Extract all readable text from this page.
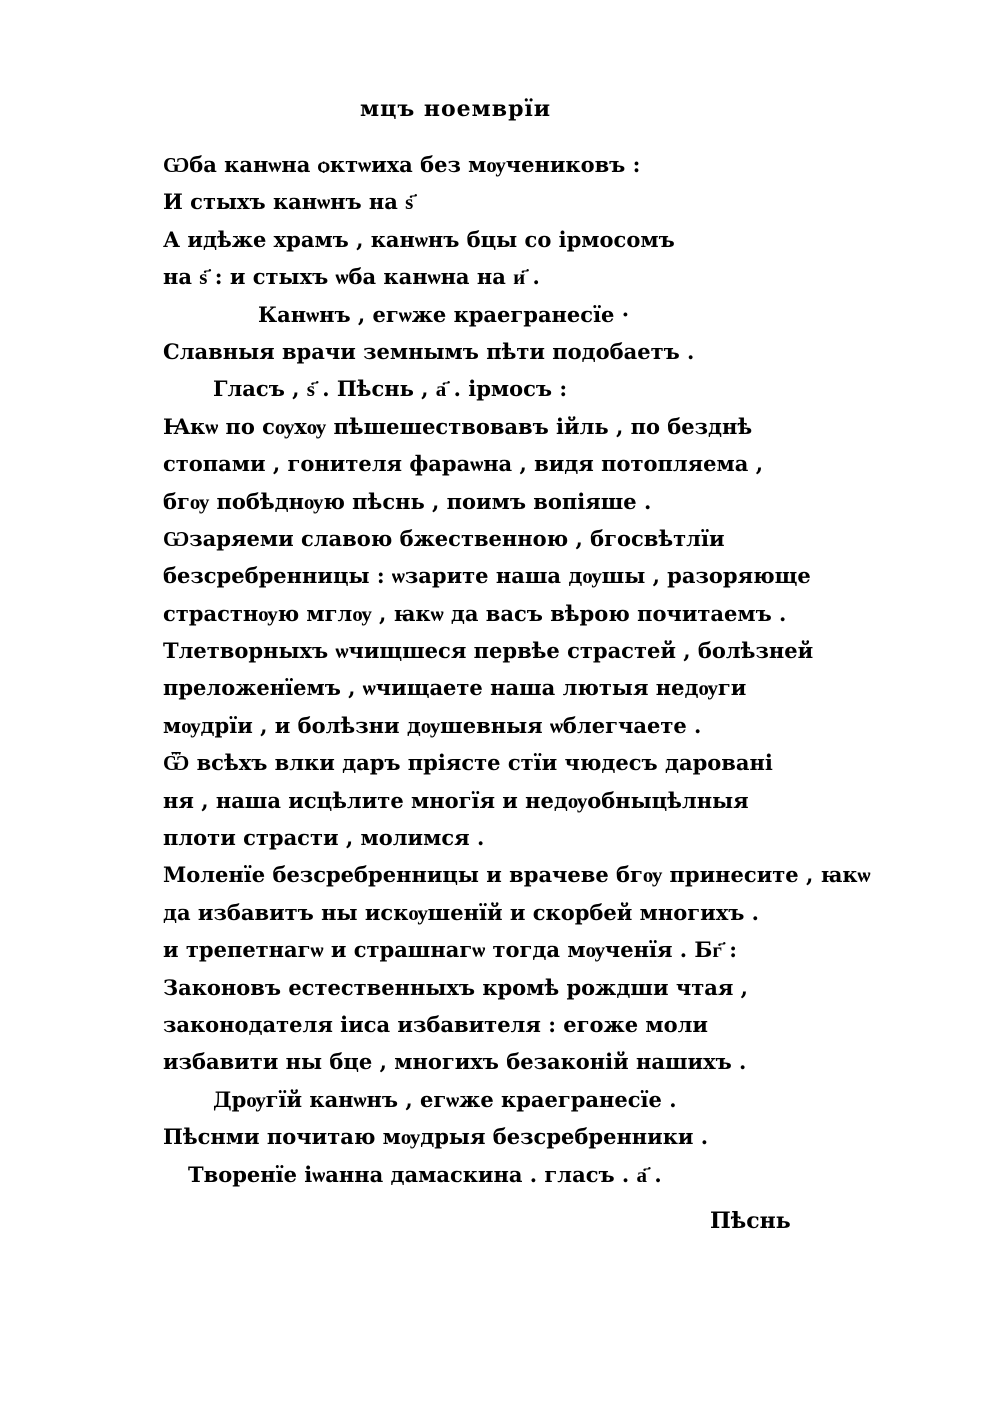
мцъ ноемврїи
Ѡба канѡна ѻктѡиха без мѹчениковъ :
И стыхъ канѡнъ на ѕ҃
А идѣже храмъ , канѡнъ бцы со ірмосомъ
на ѕ҃ : и стыхъ ѡба канѡна на и҃ .
Канѡнъ , егѡже краегранесїе ·
Славныя врачи земнымъ пѣти подобаетъ .
Гласъ , ѕ҃ . Пѣснь , а҃ . ірмосъ :
Ꙗкѡ по сѹхѹ пѣшешествовавъ ійль , по безднѣ
стопами , гонителя фараѡна , видя потопляема ,
бгѹ побѣднѹю пѣснь , поимъ вопіяше .
Ѡзаряеми славою бжественною , бгосвѣтлїи
безсребренницы : ѡзарите наша дѹшы , разоряюще
страстнѹю мглѹ , ꙗкѡ да васъ вѣрою почитаемъ .
Тлетворныхъ ѡчищшеся первѣе страстей , болѣзней
преложенїемъ , ѡчищаете наша лютыя недѹги
мѹдрїи , и болѣзни дѹшевныя ѡблегчаете .
Ѿ всѣхъ влки даръ пріясте стїи чюдесъ даровані
ня , наша исцѣлите многїя и недѹобныцѣлныя
плоти страсти , молимся .
Моленїе безсребренницы и врачеве бгѹ принесите , ꙗкѡ
да избавитъ ны искѹшенїй и скорбей многихъ .
и трепетнагѡ и страшнагѡ тогда мѹченїя . Бг҃ :
Законовъ естественныхъ кромѣ рождши чтая ,
законодателя іиса избавителя : егоже моли
избавити ны бце , многихъ безаконій нашихъ .
Дрѹгїй канѡнъ , егѡже краегранесїе .
Пѣснми почитаю мѹдрыя безсребренники .
Творенїе іѡанна дамаскина . гласъ . а҃ .
Пѣснь
